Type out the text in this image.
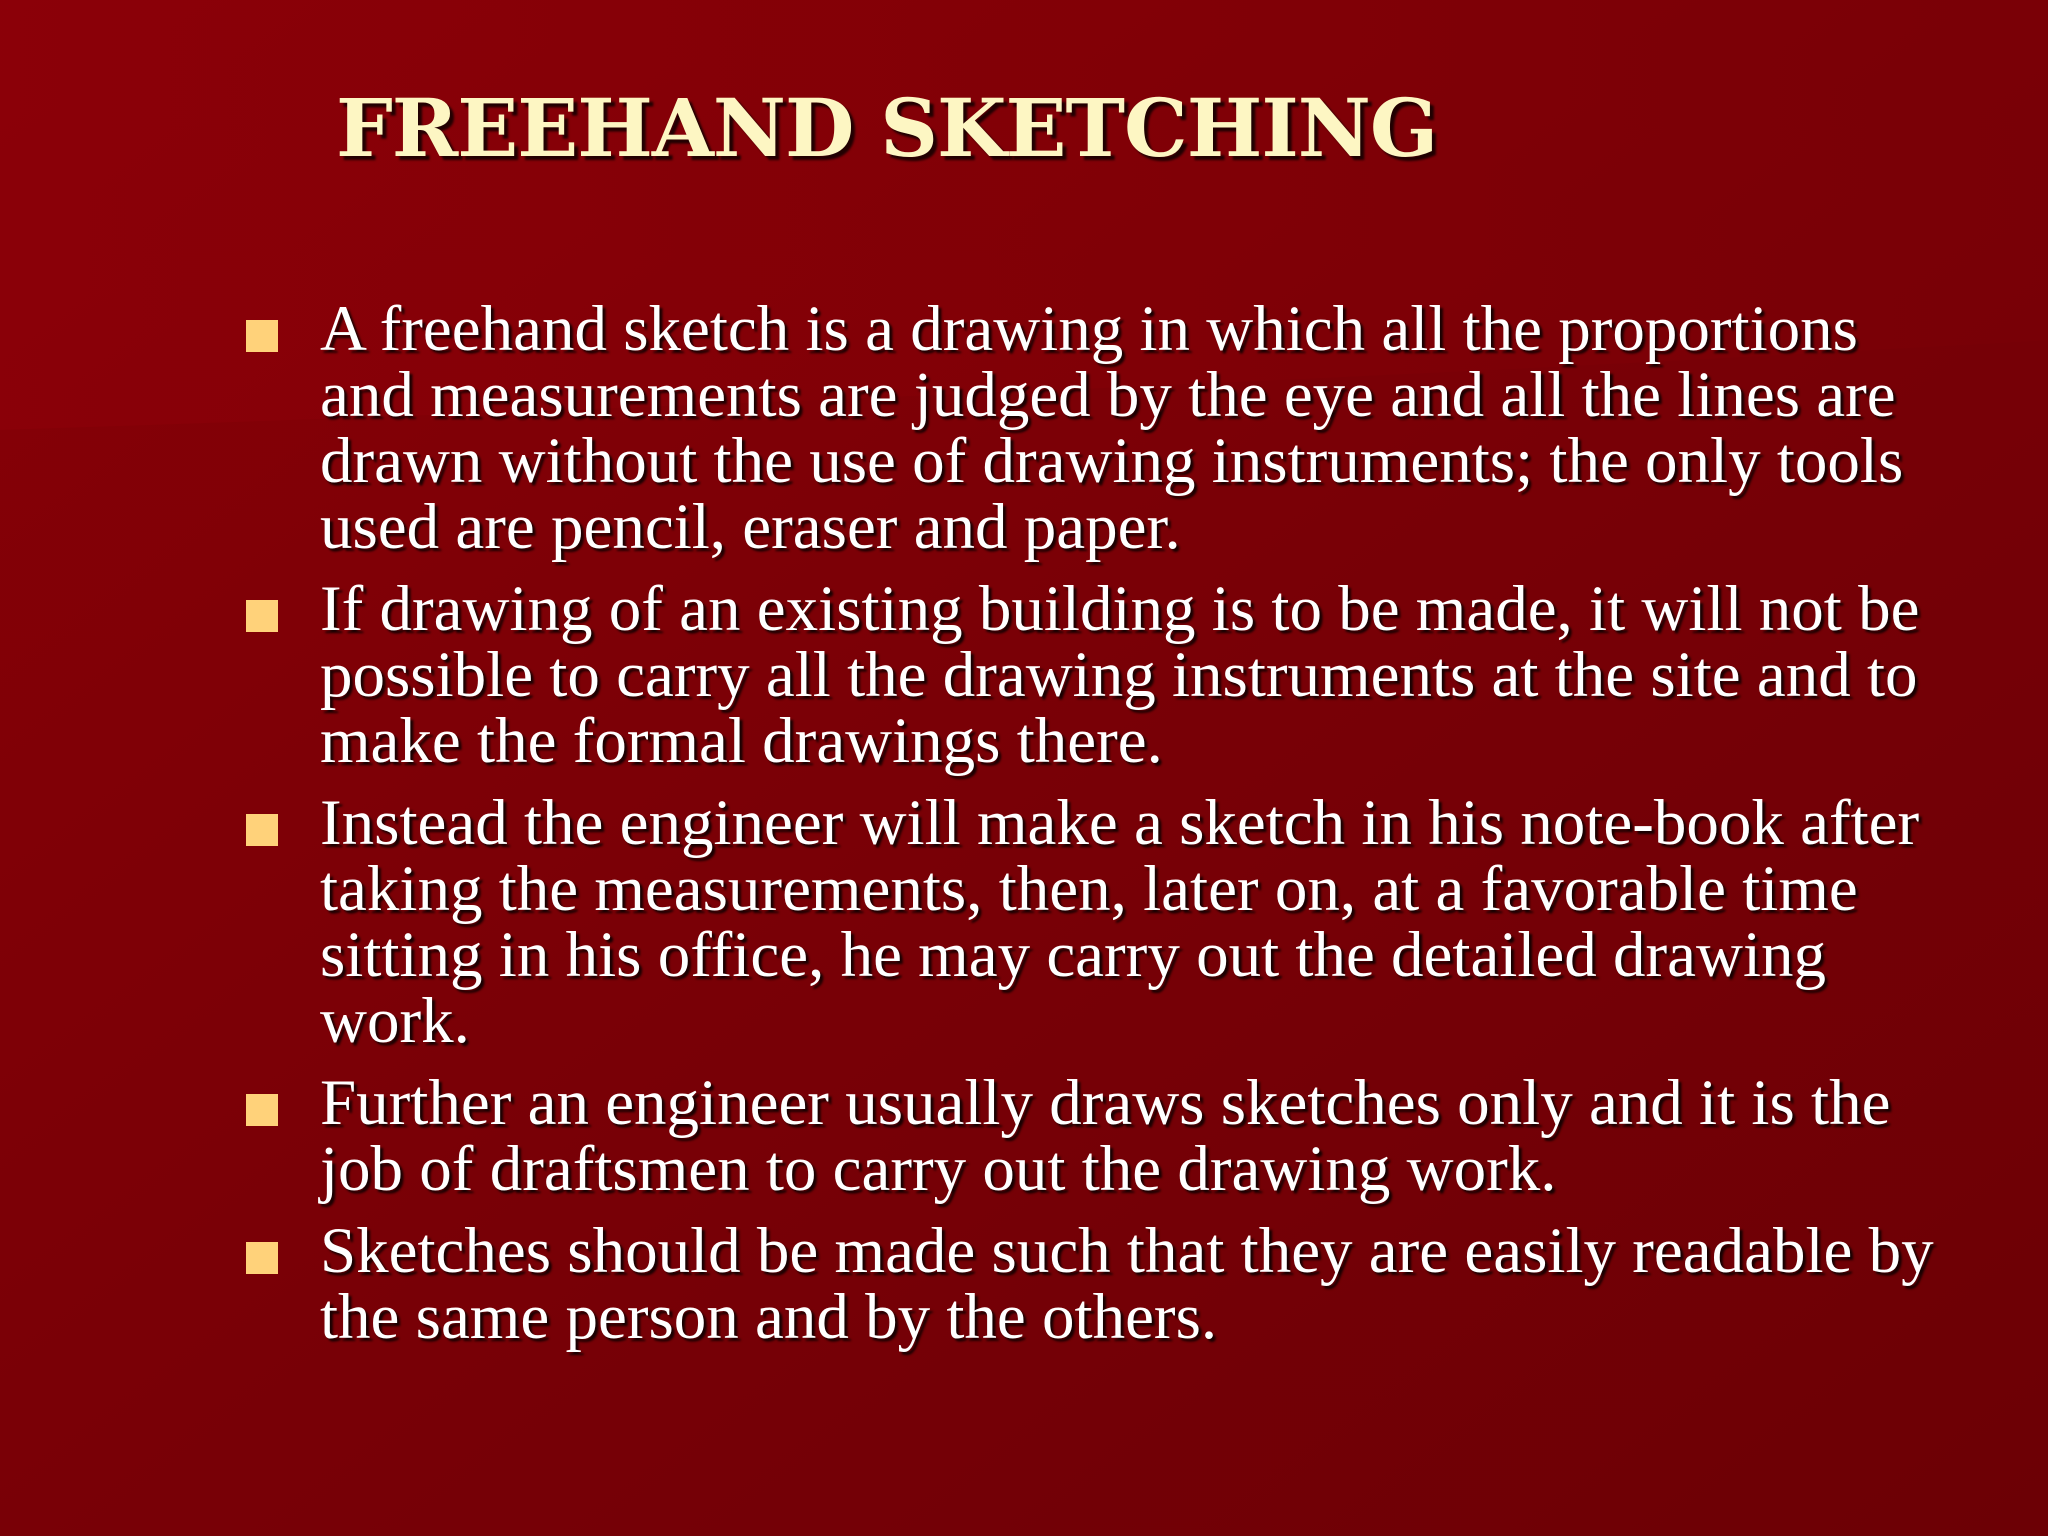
FREEHAND SKETCHING
A freehand sketch is a drawing in which all the proportions and measurements are judged by the eye and all the lines are drawn without the use of drawing instruments; the only tools used are pencil, eraser and paper.
If drawing of an existing building is to be made, it will not be possible to carry all the drawing instruments at the site and to make the formal drawings there.
Instead the engineer will make a sketch in his note-book after taking the measurements, then, later on, at a favorable time sitting in his office, he may carry out the detailed drawing work.
Further an engineer usually draws sketches only and it is the job of draftsmen to carry out the drawing work.
Sketches should be made such that they are easily readable by the same person and by the others.
